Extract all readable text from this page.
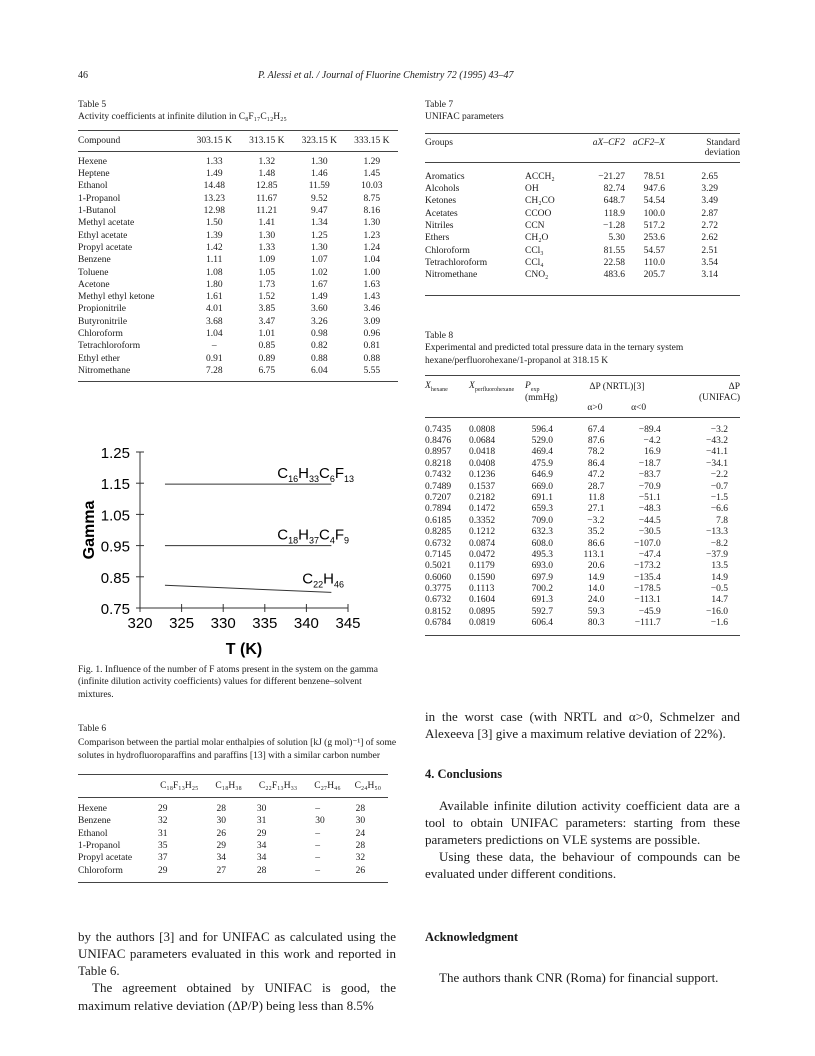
46	P. Alessi et al. / Journal of Fluorine Chemistry 72 (1995) 43–47
Table 5
Activity coefficients at infinite dilution in C₈F₁₇C₁₂H₂₅
Compound	303.15 K	313.15 K	323.15 K	333.15 K
Hexene	1.33	1.32	1.30	1.29
Heptene	1.49	1.48	1.46	1.45
Ethanol	14.48	12.85	11.59	10.03
1-Propanol	13.23	11.67	9.52	8.75
1-Butanol	12.98	11.21	9.47	8.16
Methyl acetate	1.50	1.41	1.34	1.30
Ethyl acetate	1.39	1.30	1.25	1.23
Propyl acetate	1.42	1.33	1.30	1.24
Benzene	1.11	1.09	1.07	1.04
Toluene	1.08	1.05	1.02	1.00
Acetone	1.80	1.73	1.67	1.63
Methyl ethyl ketone	1.61	1.52	1.49	1.43
Propionitrile	4.01	3.85	3.60	3.46
Butyronitrile	3.68	3.47	3.26	3.09
Chloroform	1.04	1.01	0.98	0.96
Tetrachloroform	–	0.85	0.82	0.81
Ethyl ether	0.91	0.89	0.88	0.88
Nitromethane	7.28	6.75	6.04	5.55
Table 7
UNIFAC parameters
Groups		aX–CF2	aCF2–X	Standard
				deviation
Aromatics	ACCH₂	−21.27	78.51	2.65
Alcohols	OH	82.74	947.6	3.29
Ketones	CH₂CO	648.7	54.54	3.49
Acetates	CCOO	118.9	100.0	2.87
Nitriles	CCN	−1.28	517.2	2.72
Ethers	CH₂O	5.30	253.6	2.62
Chloroform	CCl₃	81.55	54.57	2.51
Tetrachloroform	CCl₄	22.58	110.0	3.54
Nitromethane	CNO₂	483.6	205.7	3.14
Table 8
Experimental and predicted total pressure data in the ternary system hexane/perfluorohexane/1-propanol at 318.15 K
$X_{hexane}$	$X_{perfluorohexane}$	$P_{exp}$	ΔP (NRTL)[3]		ΔP
		(mmHg)			(UNIFAC)
			α>0	α<0	
0.7435	0.0808	596.4	67.4	−89.4	−3.2
0.8476	0.0684	529.0	87.6	−4.2	−43.2
0.8957	0.0418	469.4	78.2	16.9	−41.1
0.8218	0.0408	475.9	86.4	−18.7	−34.1
0.7432	0.1236	646.9	47.2	−83.7	−2.2
0.7489	0.1537	669.0	28.7	−70.9	−0.7
0.7207	0.2182	691.1	11.8	−51.1	−1.5
0.7894	0.1472	659.3	27.1	−48.3	−6.6
0.6185	0.3352	709.0	−3.2	−44.5	7.8
0.8285	0.1212	632.3	35.2	−30.5	−13.3
0.6732	0.0874	608.0	86.6	−107.0	−8.2
0.7145	0.0472	495.3	113.1	−47.4	−37.9
0.5021	0.1179	693.0	20.6	−173.2	13.5
0.6060	0.1590	697.9	14.9	−135.4	14.9
0.3775	0.1113	700.2	14.0	−178.5	−0.5
0.6732	0.1604	691.3	24.0	−113.1	14.7
0.8152	0.0895	592.7	59.3	−45.9	−16.0
0.6784	0.0819	606.4	80.3	−111.7	−1.6
1.25
1.15
1.05
0.95
0.85
0.75
320 325 330 335 340 345
T (K)
Gamma
$C_{16}H_{33}C_6F_{13}$
$C_{18}H_{37}C_4F_9$
$C_{22}H_{46}$
Fig. 1. Influence of the number of F atoms present in the system on the gamma (infinite dilution activity coefficients) values for different benzene–solvent mixtures.
Table 6
Comparison between the partial molar enthalpies of solution [kJ (g mol)⁻¹] of some solutes in hydrofluoroparaffins and paraffins [13] with a similar carbon number
	C₁₈F₁₃H₂₅	C₁₈H₃₈	C₂₂F₁₃H₃₃	C₂₇H₄₆	C₂₄H₅₀
Hexene	29	28	30	–	28
Benzene	32	30	31	30	30
Ethanol	31	26	29	–	24
1-Propanol	35	29	34	–	28
Propyl acetate	37	34	34	–	32
Chloroform	29	27	28	–	26

by the authors [3] and for UNIFAC as calculated using the UNIFAC parameters evaluated in this work and reported in Table 6.

The agreement obtained by UNIFAC is good, the maximum relative deviation (ΔP/P) being less than 8.5%

in the worst case (with NRTL and α>0, Schmelzer and Alexeeva [3] give a maximum relative deviation of 22%).

4. Conclusions

Available infinite dilution activity coefficient data are a tool to obtain UNIFAC parameters: starting from these parameters predictions on VLE systems are possible.

Using these data, the behaviour of compounds can be evaluated under different conditions.

Acknowledgment

The authors thank CNR (Roma) for financial support.
